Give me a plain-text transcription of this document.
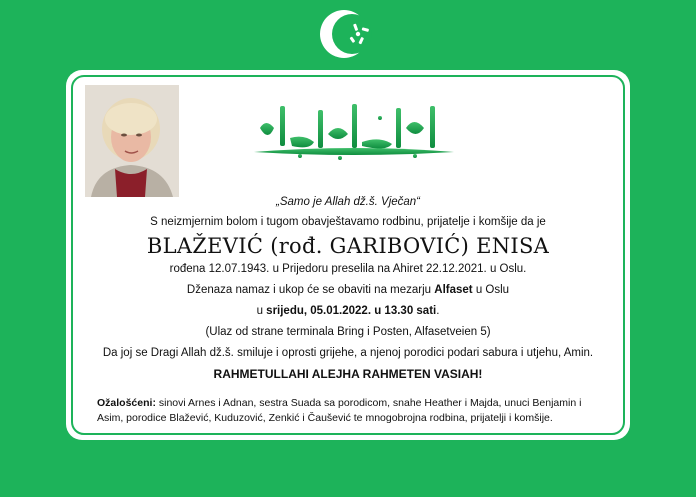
„Samo je Allah dž.š. Vječan“
S neizmjernim bolom i tugom obavještavamo rodbinu, prijatelje i komšije da je
BLAŽEVIĆ (rođ. GARIBOVIĆ) ENISA
rođena 12.07.1943. u Prijedoru preselila na Ahiret 22.12.2021. u Oslu.
Dženaza namaz i ukop će se obaviti na mezarju Alfaset u Oslu
u srijedu, 05.01.2022. u 13.30 sati.
(Ulaz od strane terminala Bring i Posten, Alfasetveien 5)
Da joj se Dragi Allah dž.š. smiluje i oprosti grijehe, a njenoj porodici podari sabura i utjehu, Amin.
RAHMETULLAHI ALEJHA RAHMETEN VASIAH!
Ožalošćeni: sinovi Arnes i Adnan, sestra Suada sa porodicom, snahe Heather i Majda, unuci Benjamin i Asim, porodice Blažević, Kuduzović, Zenkić i Čaušević te mnogobrojna rodbina, prijatelji i komšije.
